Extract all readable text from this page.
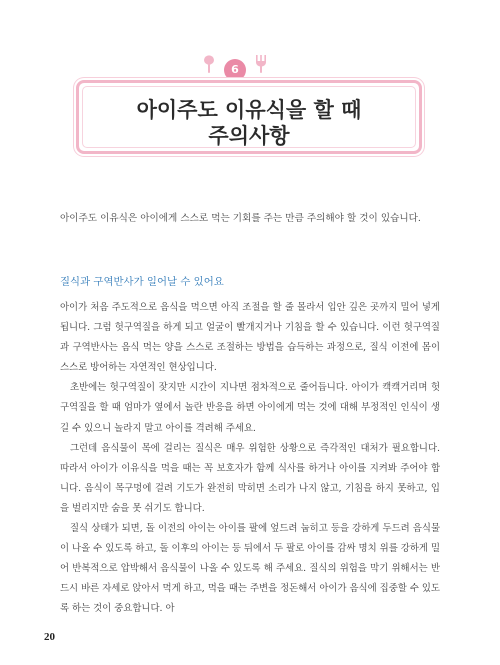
6
아이주도 이유식을 할 때
주의사항
아이주도 이유식은 아이에게 스스로 먹는 기회를 주는 만큼 주의해야 할 것이 있습니다.
질식과 구역반사가 일어날 수 있어요

아이가 처음 주도적으로 음식을 먹으면 아직 조절을 할 줄 몰라서 입안 깊은 곳까지 밀어 넣게 됩니다. 그럼 헛구역질을 하게 되고 얼굴이 빨개지거나 기침을 할 수 있습니다. 이런 헛구역질과 구역반사는 음식 먹는 양을 스스로 조절하는 방법을 습득하는 과정으로, 질식 이전에 몸이 스스로 방어하는 자연적인 현상입니다.

초반에는 헛구역질이 잦지만 시간이 지나면 점차적으로 줄어듭니다. 아이가 캑캑거리며 헛구역질을 할 때 엄마가 옆에서 놀란 반응을 하면 아이에게 먹는 것에 대해 부정적인 인식이 생길 수 있으니 놀라지 말고 아이를 격려해 주세요.

그런데 음식물이 목에 걸리는 질식은 매우 위험한 상황으로 즉각적인 대처가 필요합니다. 따라서 아이가 이유식을 먹을 때는 꼭 보호자가 함께 식사를 하거나 아이를 지켜봐 주어야 합니다. 음식이 목구멍에 걸려 기도가 완전히 막히면 소리가 나지 않고, 기침을 하지 못하고, 입을 벌리지만 숨을 못 쉬기도 합니다.

질식 상태가 되면, 돌 이전의 아이는 아이를 팔에 엎드려 눕히고 등을 강하게 두드려 음식물이 나올 수 있도록 하고, 돌 이후의 아이는 등 뒤에서 두 팔로 아이를 감싸 명치 위를 강하게 밀어 반복적으로 압박해서 음식물이 나올 수 있도록 해 주세요. 질식의 위험을 막기 위해서는 반드시 바른 자세로 앉아서 먹게 하고, 먹을 때는 주변을 정돈해서 아이가 음식에 집중할 수 있도록 하는 것이 중요합니다. 아

20
